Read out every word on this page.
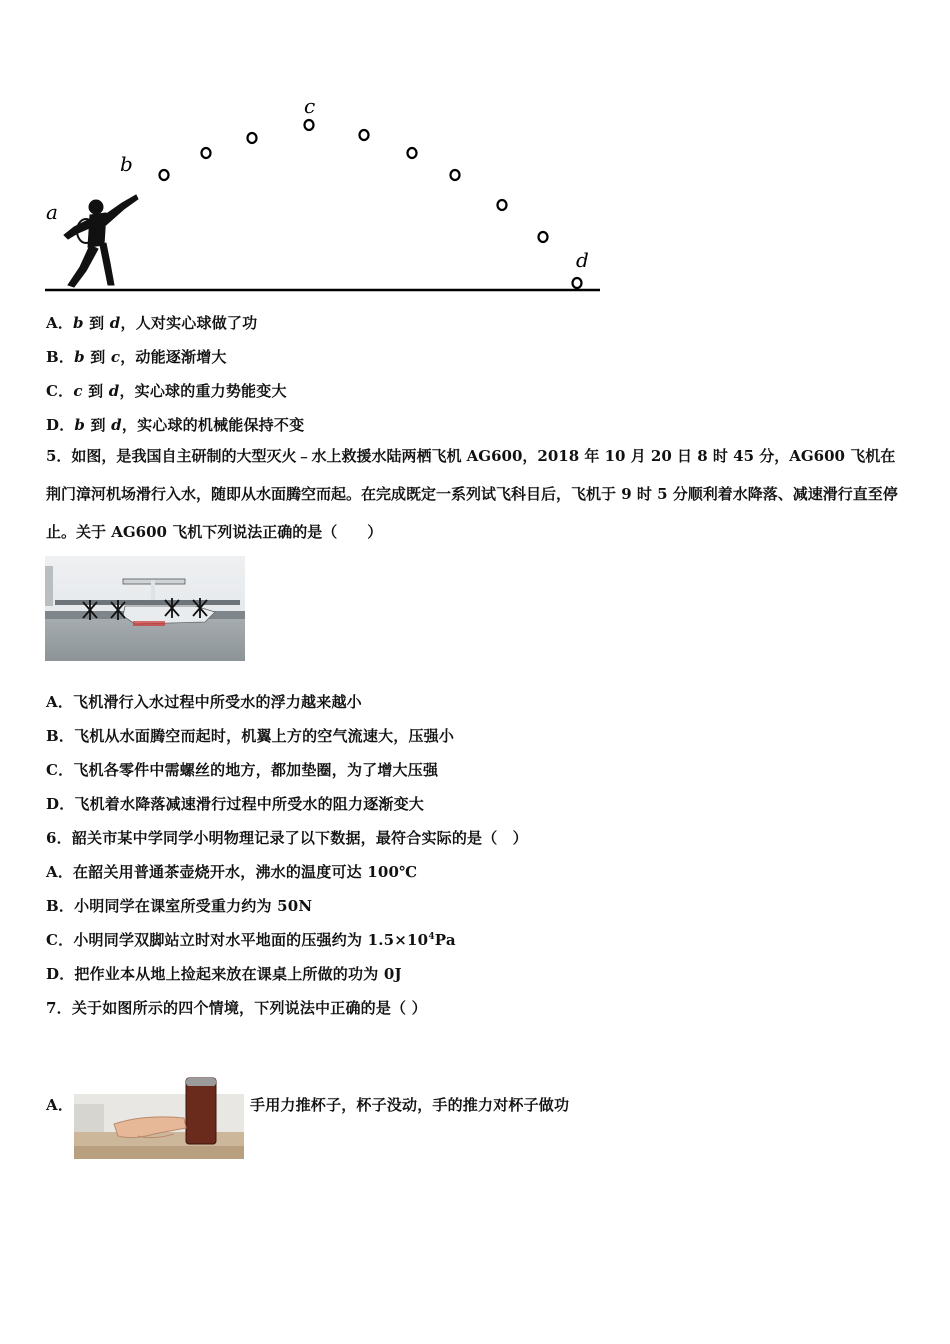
a
b
c
d
A．b 到 d，人对实心球做了功
B．b 到 c，动能逐渐增大
C．c 到 d，实心球的重力势能变大
D．b 到 d，实心球的机械能保持不变
5．如图，是我国自主研制的大型灭火﹣水上救援水陆两栖飞机 AG600，2018 年 10 月 20 日 8 时 45 分，AG600 飞机在荆门漳河机场滑行入水，随即从水面腾空而起。在完成既定一系列试飞科目后，飞机于 9 时 5 分顺利着水降落、减速滑行直至停止。关于 AG600 飞机下列说法正确的是（　　）
A．飞机滑行入水过程中所受水的浮力越来越小
B．飞机从水面腾空而起时，机翼上方的空气流速大，压强小
C．飞机各零件中需螺丝的地方，都加垫圈，为了增大压强
D．飞机着水降落减速滑行过程中所受水的阻力逐渐变大
6．韶关市某中学同学小明物理记录了以下数据，最符合实际的是（　）
A．在韶关用普通茶壶烧开水，沸水的温度可达 100℃
B．小明同学在课室所受重力约为 50N
C．小明同学双脚站立时对水平地面的压强约为 $1.5\times 10^4Pa$
D．把作业本从地上捡起来放在课桌上所做的功为 0J
7．关于如图所示的四个情境，下列说法中正确的是（ ）
A．	手用力推杯子，杯子没动，手的推力对杯子做功
